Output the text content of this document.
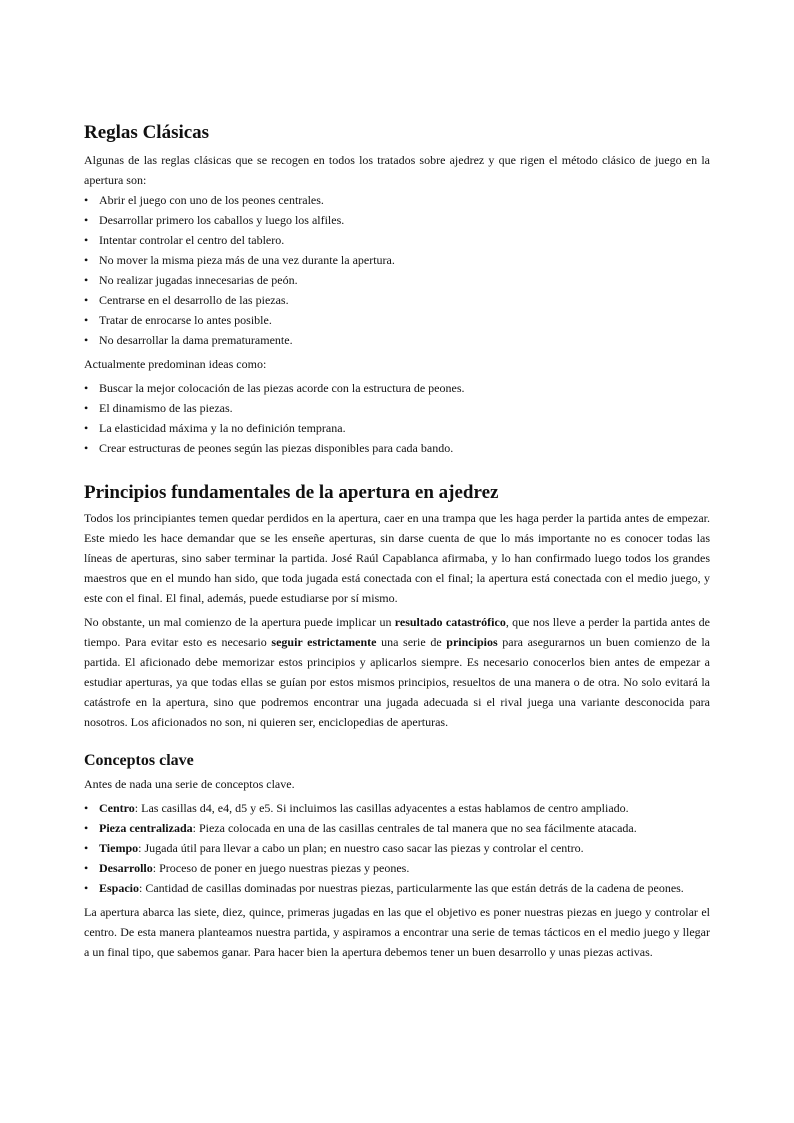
Reglas Clásicas

Algunas de las reglas clásicas que se recogen en todos los tratados sobre ajedrez y que rigen el método clásico de juego en la apertura son:

• Abrir el juego con uno de los peones centrales.
• Desarrollar primero los caballos y luego los alfiles.
• Intentar controlar el centro del tablero.
• No mover la misma pieza más de una vez durante la apertura.
• No realizar jugadas innecesarias de peón.
• Centrarse en el desarrollo de las piezas.
• Tratar de enrocarse lo antes posible.
• No desarrollar la dama prematuramente.

Actualmente predominan ideas como:

• Buscar la mejor colocación de las piezas acorde con la estructura de peones.
• El dinamismo de las piezas.
• La elasticidad máxima y la no definición temprana.
• Crear estructuras de peones según las piezas disponibles para cada bando.
Principios fundamentales de la apertura en ajedrez

Todos los principiantes temen quedar perdidos en la apertura, caer en una trampa que les haga perder la partida antes de empezar. Este miedo les hace demandar que se les enseñe aperturas, sin darse cuenta de que lo más importante no es conocer todas las líneas de aperturas, sino saber terminar la partida. José Raúl Capablanca afirmaba, y lo han confirmado luego todos los grandes maestros que en el mundo han sido, que toda jugada está conectada con el final; la apertura está conectada con el medio juego, y este con el final. El final, además, puede estudiarse por sí mismo.

No obstante, un mal comienzo de la apertura puede implicar un resultado catastrófico, que nos lleve a perder la partida antes de tiempo. Para evitar esto es necesario seguir estrictamente una serie de principios para asegurarnos un buen comienzo de la partida. El aficionado debe memorizar estos principios y aplicarlos siempre. Es necesario conocerlos bien antes de empezar a estudiar aperturas, ya que todas ellas se guían por estos mismos principios, resueltos de una manera o de otra. No solo evitará la catástrofe en la apertura, sino que podremos encontrar una jugada adecuada si el rival juega una variante desconocida para nosotros. Los aficionados no son, ni quieren ser, enciclopedias de aperturas.

Conceptos clave

Antes de nada una serie de conceptos clave.

• Centro: Las casillas d4, e4, d5 y e5. Si incluimos las casillas adyacentes a estas hablamos de centro ampliado.
• Pieza centralizada: Pieza colocada en una de las casillas centrales de tal manera que no sea fácilmente atacada.
• Tiempo: Jugada útil para llevar a cabo un plan; en nuestro caso sacar las piezas y controlar el centro.
• Desarrollo: Proceso de poner en juego nuestras piezas y peones.
• Espacio: Cantidad de casillas dominadas por nuestras piezas, particularmente las que están detrás de la cadena de peones.

La apertura abarca las siete, diez, quince, primeras jugadas en las que el objetivo es poner nuestras piezas en juego y controlar el centro. De esta manera planteamos nuestra partida, y aspiramos a encontrar una serie de temas tácticos en el medio juego y llegar a un final tipo, que sabemos ganar. Para hacer bien la apertura debemos tener un buen desarrollo y unas piezas activas.
